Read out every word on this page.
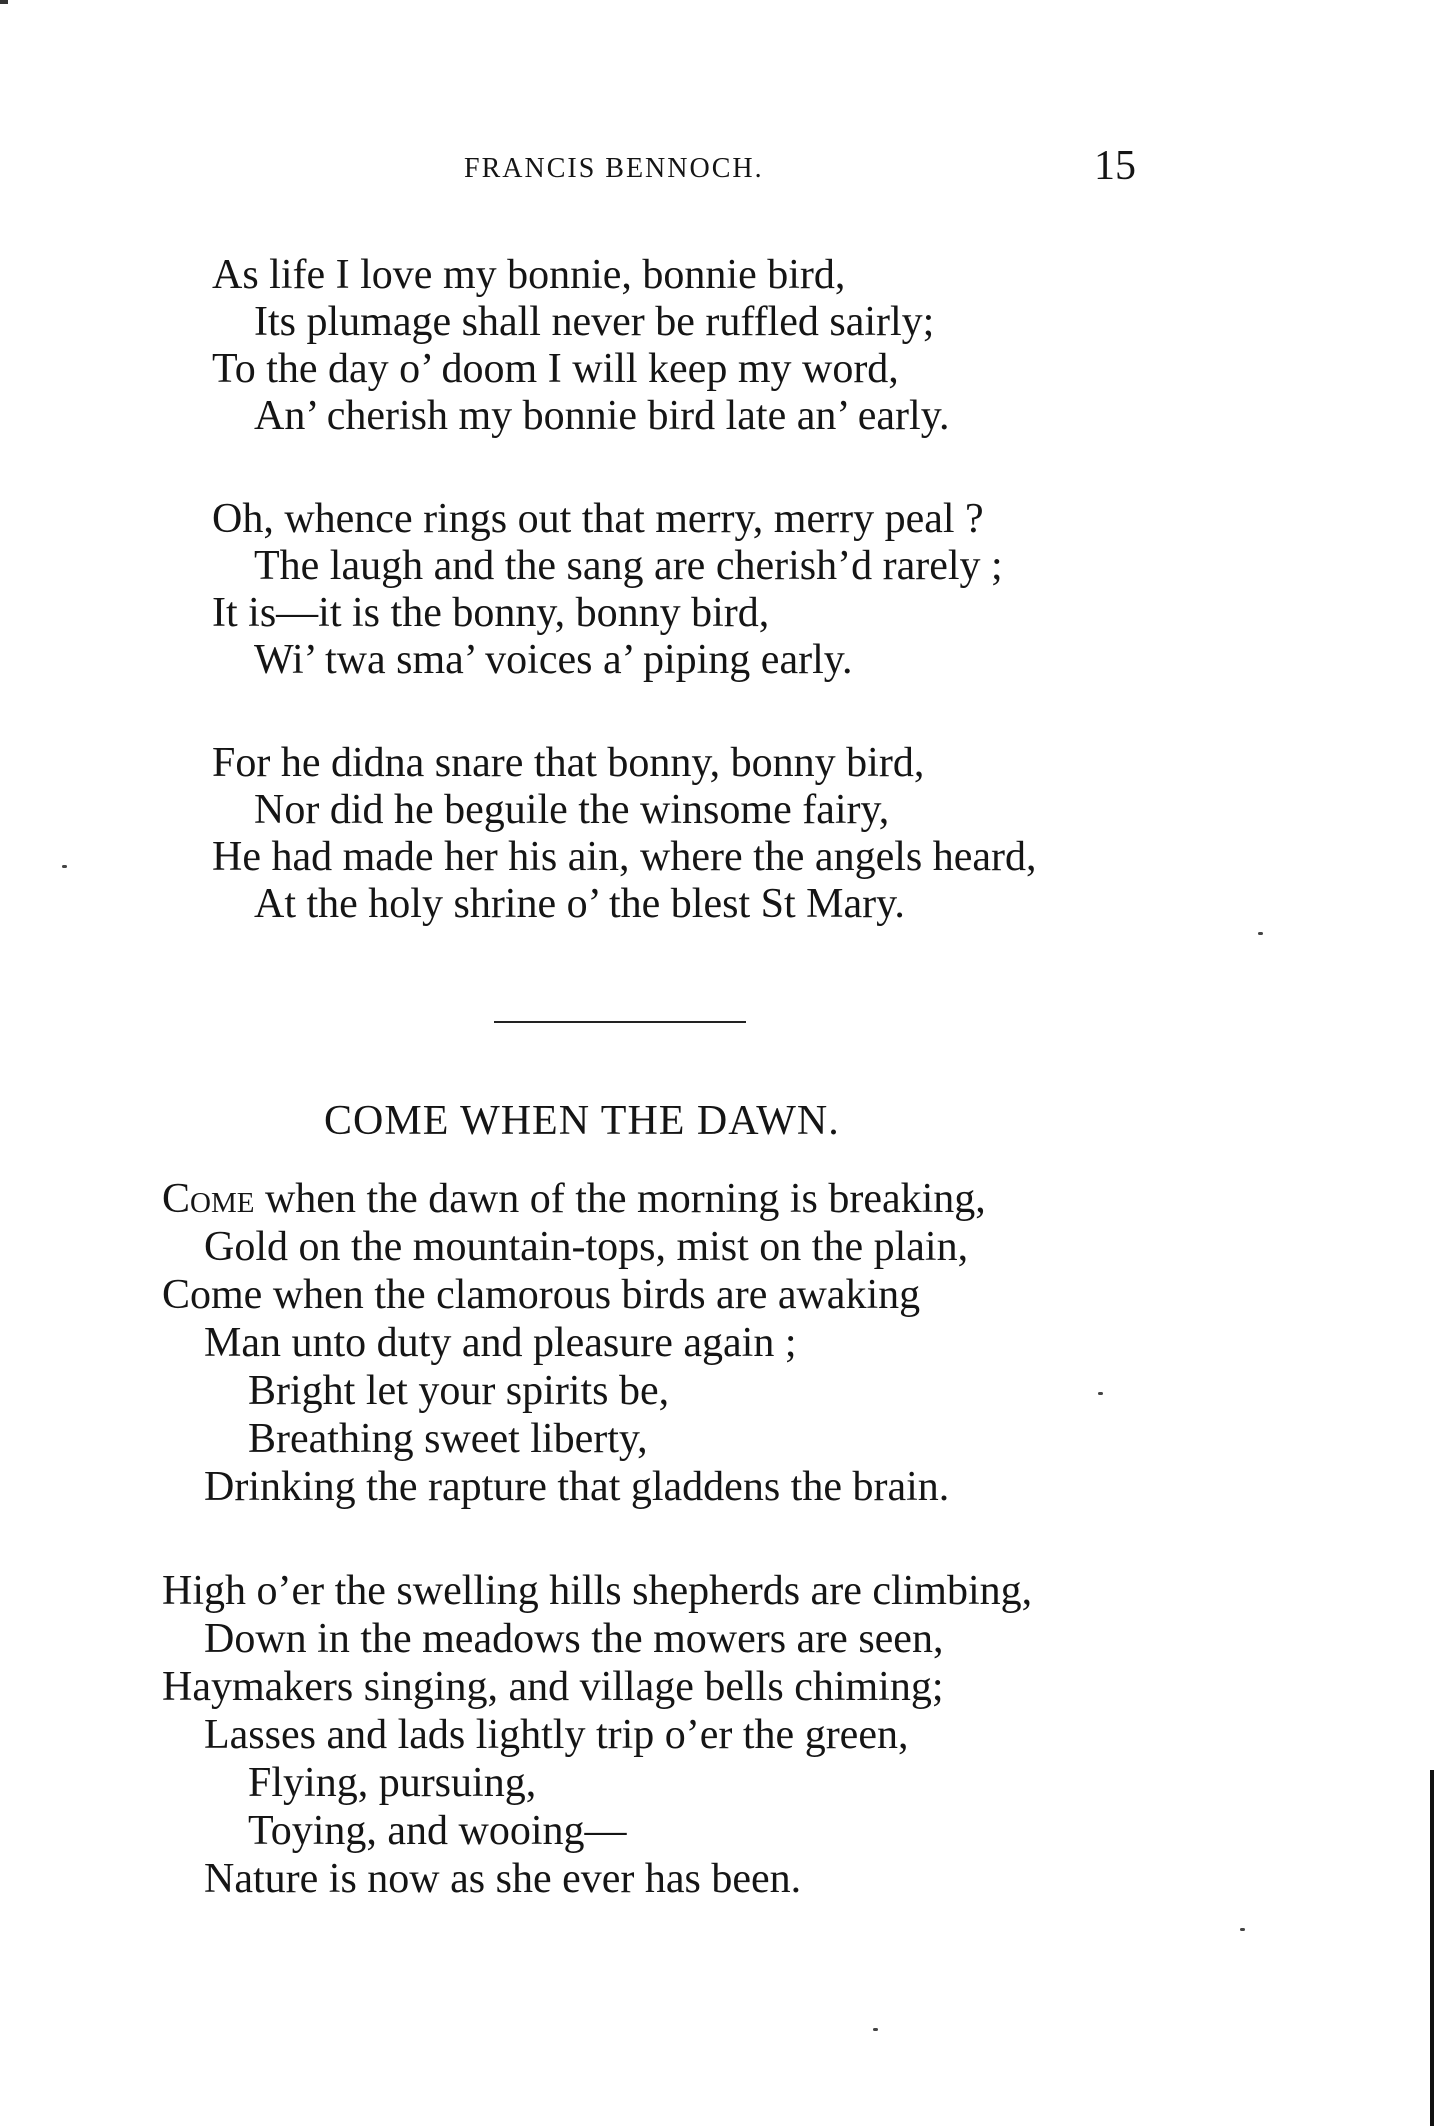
FRANCIS BENNOCH.	15
As life I love my bonnie, bonnie bird,
Its plumage shall never be ruffled sairly;
To the day o’ doom I will keep my word,
An’ cherish my bonnie bird late an’ early.
Oh, whence rings out that merry, merry peal ?
The laugh and the sang are cherish’d rarely ;
It is—it is the bonny, bonny bird,
Wi’ twa sma’ voices a’ piping early.
For he didna snare that bonny, bonny bird,
Nor did he beguile the winsome fairy,
He had made her his ain, where the angels heard,
At the holy shrine o’ the blest St Mary.
COME WHEN THE DAWN.
Come when the dawn of the morning is breaking,
Gold on the mountain-tops, mist on the plain,
Come when the clamorous birds are awaking
Man unto duty and pleasure again ;
Bright let your spirits be,
Breathing sweet liberty,
Drinking the rapture that gladdens the brain.
High o’er the swelling hills shepherds are climbing,
Down in the meadows the mowers are seen,
Haymakers singing, and village bells chiming;
Lasses and lads lightly trip o’er the green,
Flying, pursuing,
Toying, and wooing—
Nature is now as she ever has been.
